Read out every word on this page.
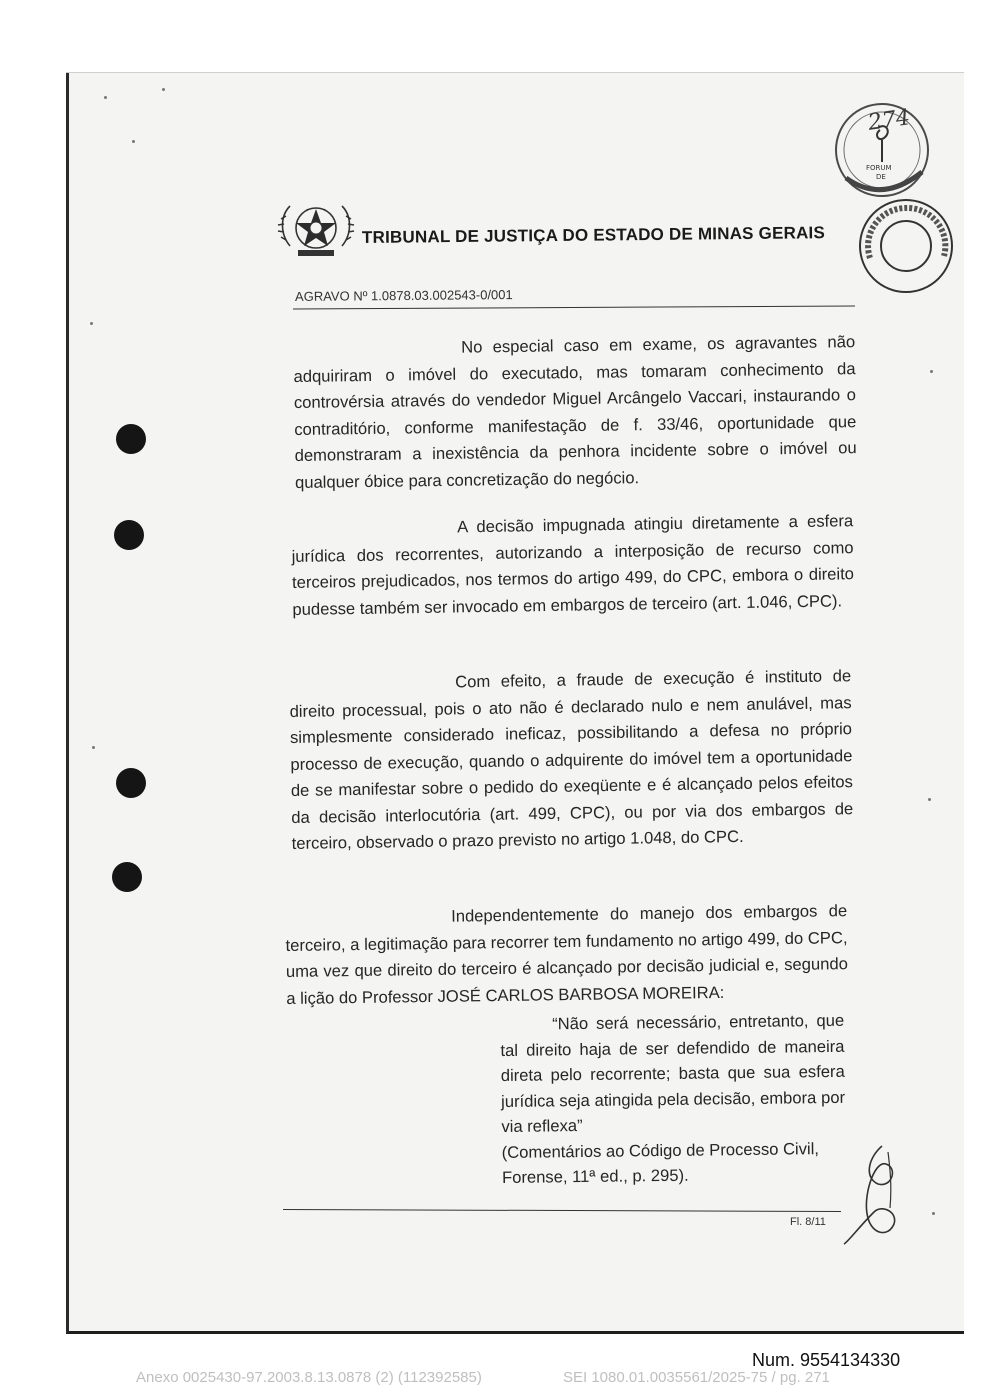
TRIBUNAL DE JUSTIÇA DO ESTADO DE MINAS GERAIS
AGRAVO Nº 1.0878.03.002543-0/001
FORUM
DE
274

No especial caso em exame, os agravantes não adquiriram o imóvel do executado, mas tomaram conhecimento da controvérsia através do vendedor Miguel Arcângelo Vaccari, instaurando o contraditório, conforme manifestação de f. 33/46, oportunidade que demonstraram a inexistência da penhora incidente sobre o imóvel ou qualquer óbice para concretização do negócio.

A decisão impugnada atingiu diretamente a esfera jurídica dos recorrentes, autorizando a interposição de recurso como terceiros prejudicados, nos termos do artigo 499, do CPC, embora o direito pudesse também ser invocado em embargos de terceiro (art. 1.046, CPC).

Com efeito, a fraude de execução é instituto de direito processual, pois o ato não é declarado nulo e nem anulável, mas simplesmente considerado ineficaz, possibilitando a defesa no próprio processo de execução, quando o adquirente do imóvel tem a oportunidade de se manifestar sobre o pedido do exeqüente e é alcançado pelos efeitos da decisão interlocutória (art. 499, CPC), ou por via dos embargos de terceiro, observado o prazo previsto no artigo 1.048, do CPC.

Independentemente do manejo dos embargos de terceiro, a legitimação para recorrer tem fundamento no artigo 499, do CPC, uma vez que direito do terceiro é alcançado por decisão judicial e, segundo a lição do Professor JOSÉ CARLOS BARBOSA MOREIRA:

“Não será necessário, entretanto, que tal direito haja de ser defendido de maneira direta pelo recorrente; basta que sua esfera jurídica seja atingida pela decisão, embora por via reflexa”
(Comentários ao Código de Processo Civil, Forense, 11ª ed., p. 295).
Fl. 8/11
Num. 9554134330
Anexo 0025430-97.2003.8.13.0878 (2) (112392585)	SEI 1080.01.0035561/2025-75 / pg. 271
